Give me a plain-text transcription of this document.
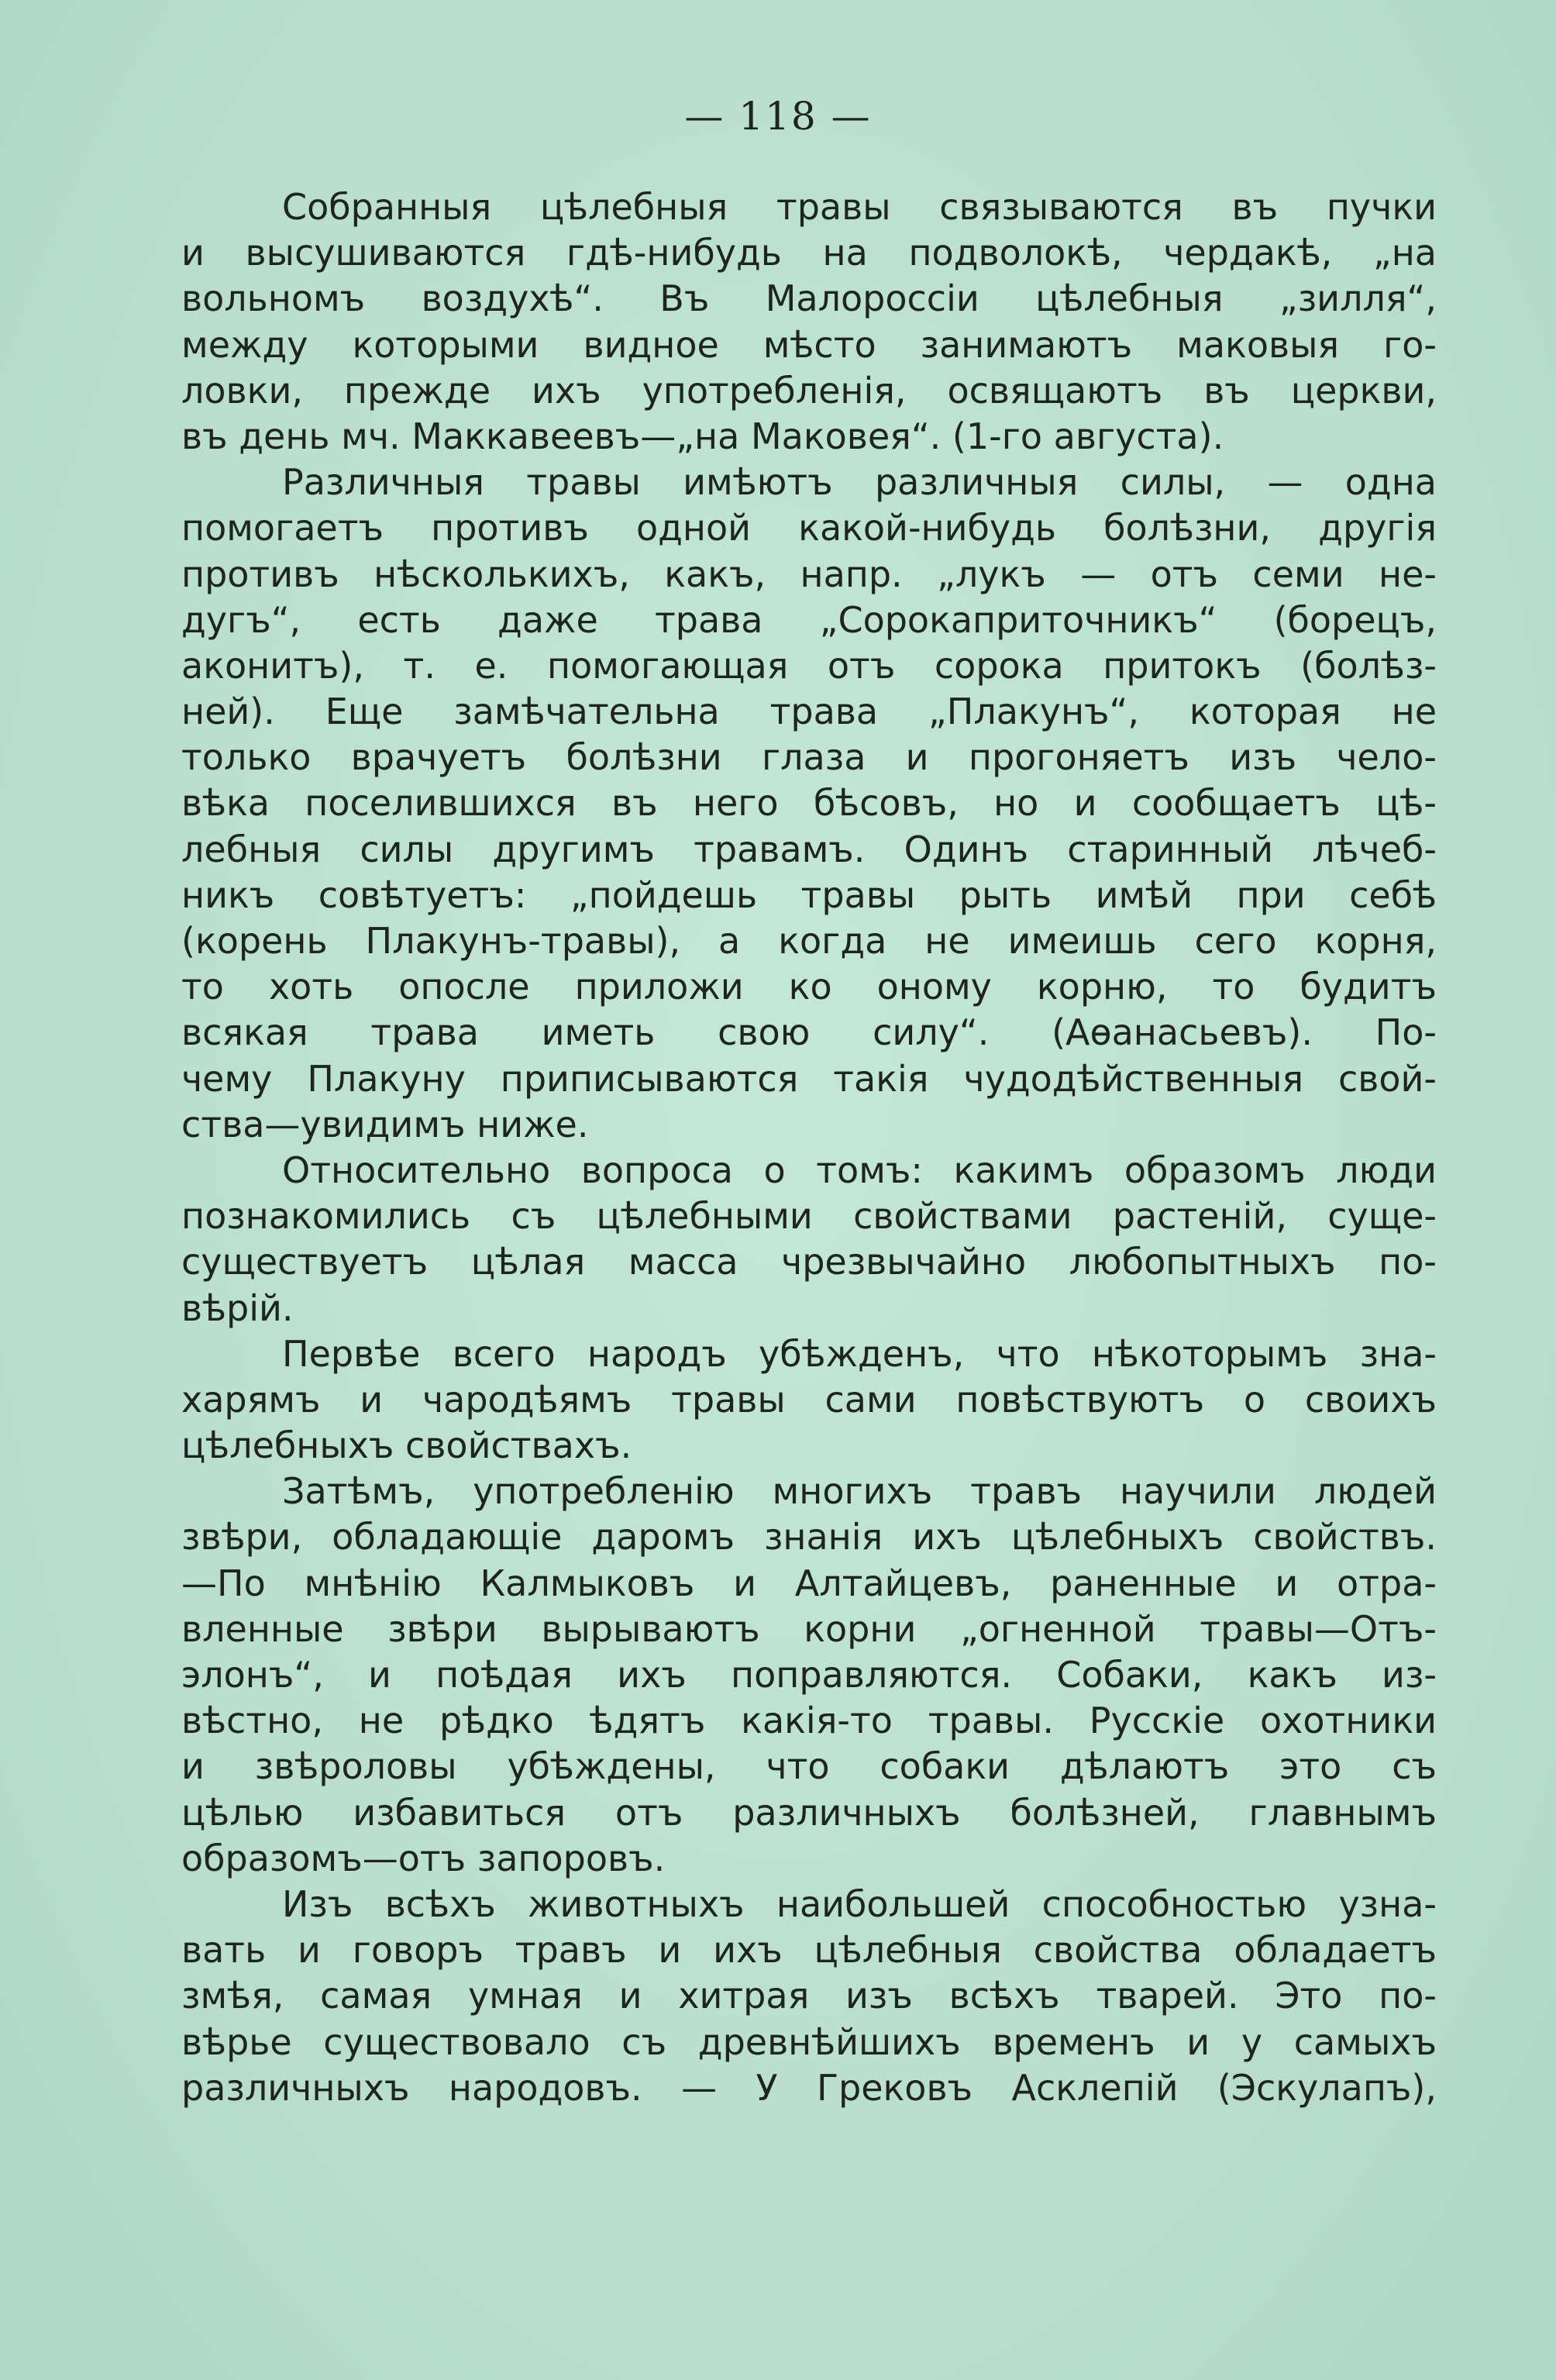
— 118 —
Собранныя цѣлебныя травы связываются въ пучки
и высушиваются гдѣ-нибудь на подволокѣ, чердакѣ, „на
вольномъ воздухѣ“. Въ Малороссіи цѣлебныя „зилля“,
между которыми видное мѣсто занимаютъ маковыя го-
ловки, прежде ихъ употребленія, освящаютъ въ церкви,
въ день мч. Маккавеевъ—„на Маковея“. (1-го августа).
Различныя травы имѣютъ различныя силы, — одна
помогаетъ противъ одной какой-нибудь болѣзни, другія
противъ нѣсколькихъ, какъ, напр. „лукъ — отъ семи не-
дугъ“, есть даже трава „Сорокаприточникъ“ (борецъ,
аконитъ), т. е. помогающая отъ сорока притокъ (болѣз-
ней). Еще замѣчательна трава „Плакунъ“, которая не
только врачуетъ болѣзни глаза и прогоняетъ изъ чело-
вѣка поселившихся въ него бѣсовъ, но и сообщаетъ цѣ-
лебныя силы другимъ травамъ. Одинъ старинный лѣчеб-
никъ совѣтуетъ: „пойдешь травы рыть имѣй при себѣ
(корень Плакунъ-травы), а когда не имеишь сего корня,
то хоть опосле приложи ко оному корню, то будитъ
всякая трава иметь свою силу“. (Аѳанасьевъ). По-
чему Плакуну приписываются такія чудодѣйственныя свой-
ства—увидимъ ниже.
Относительно вопроса о томъ: какимъ образомъ люди
познакомились съ цѣлебными свойствами растеній, суще-
существуетъ цѣлая масса чрезвычайно любопытныхъ по-
вѣрій.
Первѣе всего народъ убѣжденъ, что нѣкоторымъ зна-
харямъ и чародѣямъ травы сами повѣствуютъ о своихъ
цѣлебныхъ свойствахъ.
Затѣмъ, употребленію многихъ травъ научили людей
звѣри, обладающіе даромъ знанія ихъ цѣлебныхъ свойствъ.
—По мнѣнію Калмыковъ и Алтайцевъ, раненные и отра-
вленные звѣри вырываютъ корни „огненной травы—Отъ-
элонъ“, и поѣдая ихъ поправляются. Собаки, какъ из-
вѣстно, не рѣдко ѣдятъ какія-то травы. Русскіе охотники
и звѣроловы убѣждены, что собаки дѣлаютъ это съ
цѣлью избавиться отъ различныхъ болѣзней, главнымъ
образомъ—отъ запоровъ.
Изъ всѣхъ животныхъ наибольшей способностью узна-
вать и говоръ травъ и ихъ цѣлебныя свойства обладаетъ
змѣя, самая умная и хитрая изъ всѣхъ тварей. Это по-
вѣрье существовало съ древнѣйшихъ временъ и у самыхъ
различныхъ народовъ. — У Грековъ Асклепій (Эскулапъ),
